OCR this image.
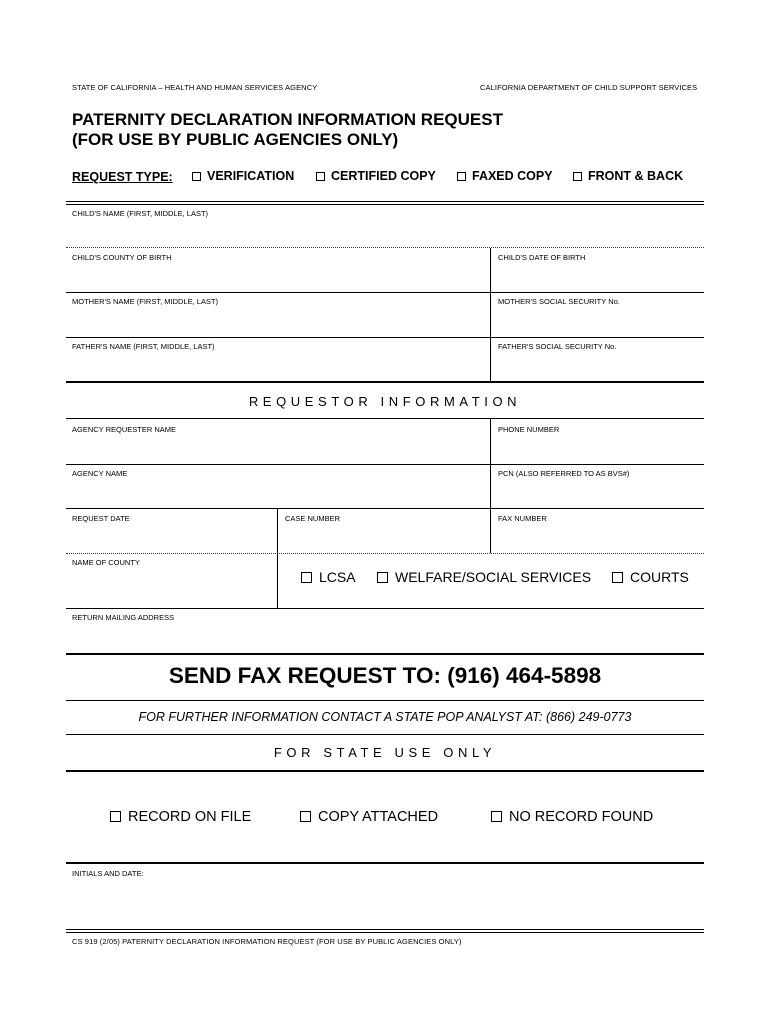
STATE OF CALIFORNIA – HEALTH AND HUMAN SERVICES AGENCY	CALIFORNIA DEPARTMENT OF CHILD SUPPORT SERVICES
PATERNITY DECLARATION INFORMATION REQUEST
(FOR USE BY PUBLIC AGENCIES ONLY)
REQUEST TYPE:	VERIFICATION	CERTIFIED COPY	FAXED COPY	FRONT & BACK
CHILD'S NAME (FIRST, MIDDLE, LAST)
CHILD'S COUNTY OF BIRTH	CHILD'S DATE OF BIRTH
MOTHER'S NAME (FIRST, MIDDLE, LAST)	MOTHER'S SOCIAL SECURITY No.
FATHER'S NAME (FIRST, MIDDLE, LAST)	FATHER'S SOCIAL SECURITY No.
REQUESTOR INFORMATION
AGENCY REQUESTER NAME	PHONE NUMBER
AGENCY NAME	PCN (ALSO REFERRED TO AS BVS#)
REQUEST DATE	CASE NUMBER	FAX NUMBER
NAME OF COUNTY
LCSA	WELFARE/SOCIAL SERVICES	COURTS
RETURN MAILING ADDRESS
SEND FAX REQUEST TO: (916) 464-5898
FOR FURTHER INFORMATION CONTACT A STATE POP ANALYST AT: (866) 249-0773
FOR STATE USE ONLY
RECORD ON FILE	COPY ATTACHED	NO RECORD FOUND
INITIALS AND DATE:
CS 919 (2/05) PATERNITY DECLARATION INFORMATION REQUEST (FOR USE BY PUBLIC AGENCIES ONLY)
